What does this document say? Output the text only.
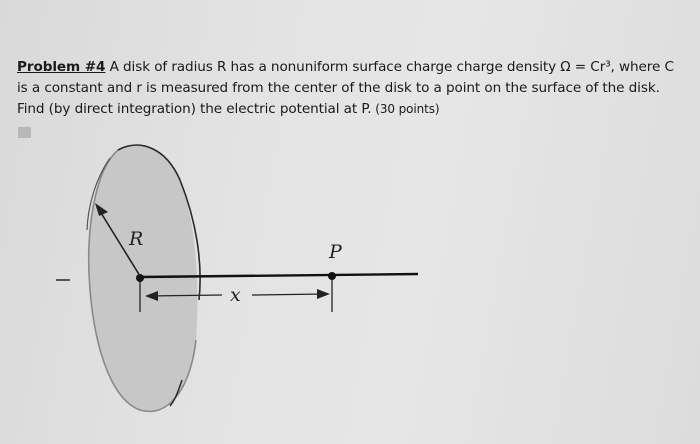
Problem #4 A disk of radius R has a nonuniform surface charge charge density Ω = Cr³, where C
is a constant and r is measured from the center of the disk to a point on the surface of the disk.
Find (by direct integration) the electric potential at P. (30 points)
R
P
x
